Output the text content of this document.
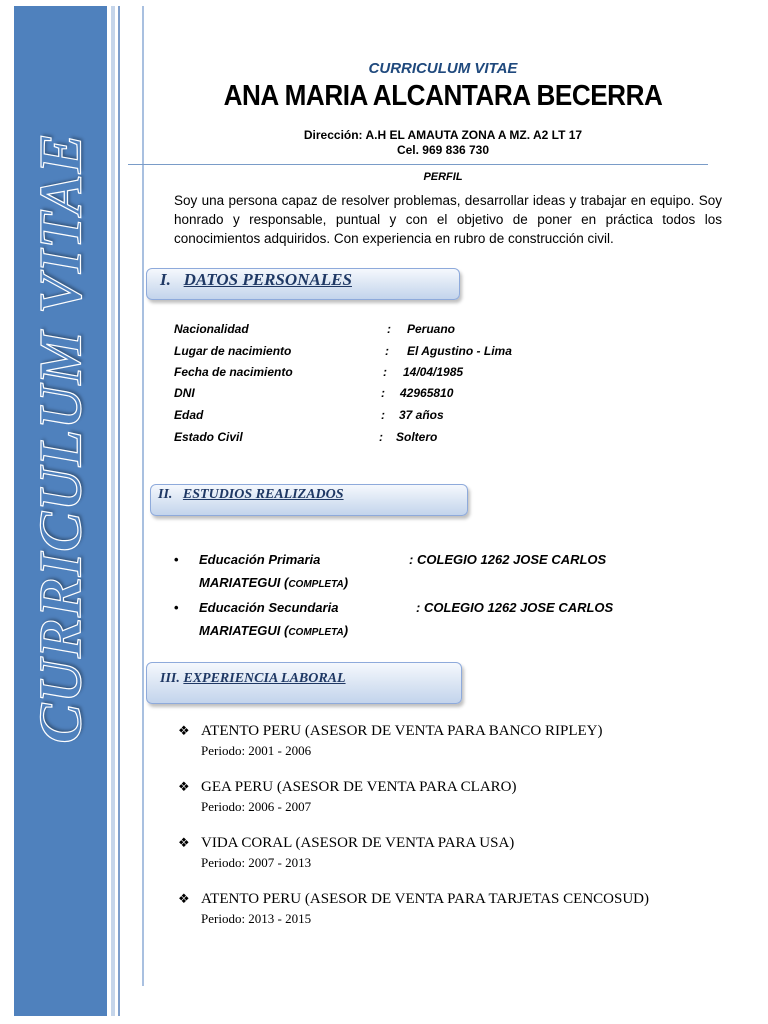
CURRICULUM VITAE
CURRICULUM VITAE
ANA MARIA ALCANTARA BECERRA
Dirección: A.H EL AMAUTA ZONA A MZ. A2 LT 17
Cel. 969 836 730
PERFIL
Soy una persona capaz de resolver problemas, desarrollar ideas y trabajar en equipo. Soy honrado y responsable, puntual y con el objetivo de poner en práctica todos los conocimientos adquiridos. Con experiencia en rubro de construcción civil.
I. DATOS PERSONALES
Nacionalidad	: Peruano
Lugar de nacimiento	: El Agustino - Lima
Fecha de nacimiento	: 14/04/1985
DNI	: 42965810
Edad	: 37 años
Estado Civil	: Soltero
II. ESTUDIOS REALIZADOS
• Educación Primaria	: COLEGIO 1262 JOSE CARLOS
MARIATEGUI (COMPLETA)
• Educación Secundaria	: COLEGIO 1262 JOSE CARLOS
MARIATEGUI (COMPLETA)
III. EXPERIENCIA LABORAL
❖ ATENTO PERU (ASESOR DE VENTA PARA BANCO RIPLEY)
Periodo: 2001 - 2006
❖ GEA PERU (ASESOR DE VENTA PARA CLARO)
Periodo: 2006 - 2007
❖ VIDA CORAL (ASESOR DE VENTA PARA USA)
Periodo: 2007 - 2013
❖ ATENTO PERU (ASESOR DE VENTA PARA TARJETAS CENCOSUD)
Periodo: 2013 - 2015
